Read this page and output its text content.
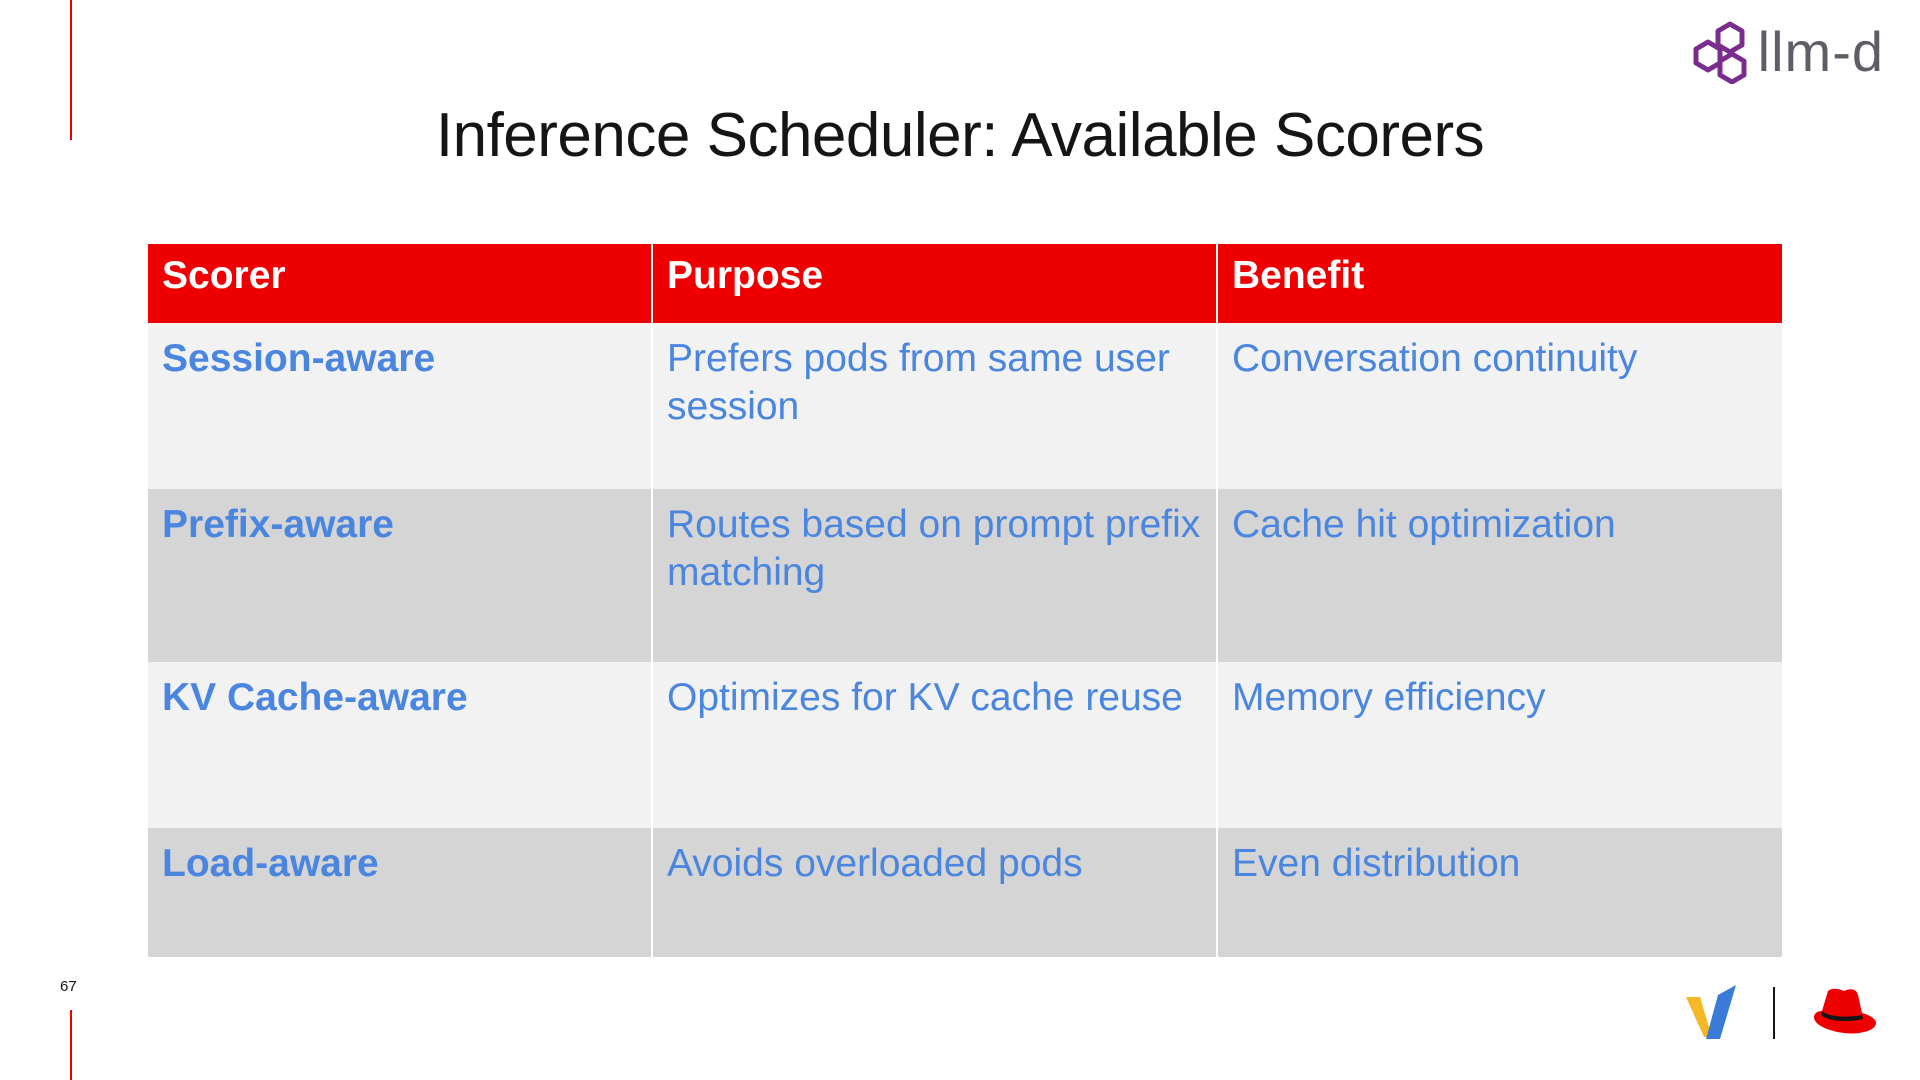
llm-d
Inference Scheduler: Available Scorers
Scorer	Purpose	Benefit
Session-aware	Prefers pods from same user session	Conversation continuity
Prefix-aware	Routes based on prompt prefix matching	Cache hit optimization
KV Cache-aware	Optimizes for KV cache reuse	Memory efficiency
Load-aware	Avoids overloaded pods	Even distribution
67
